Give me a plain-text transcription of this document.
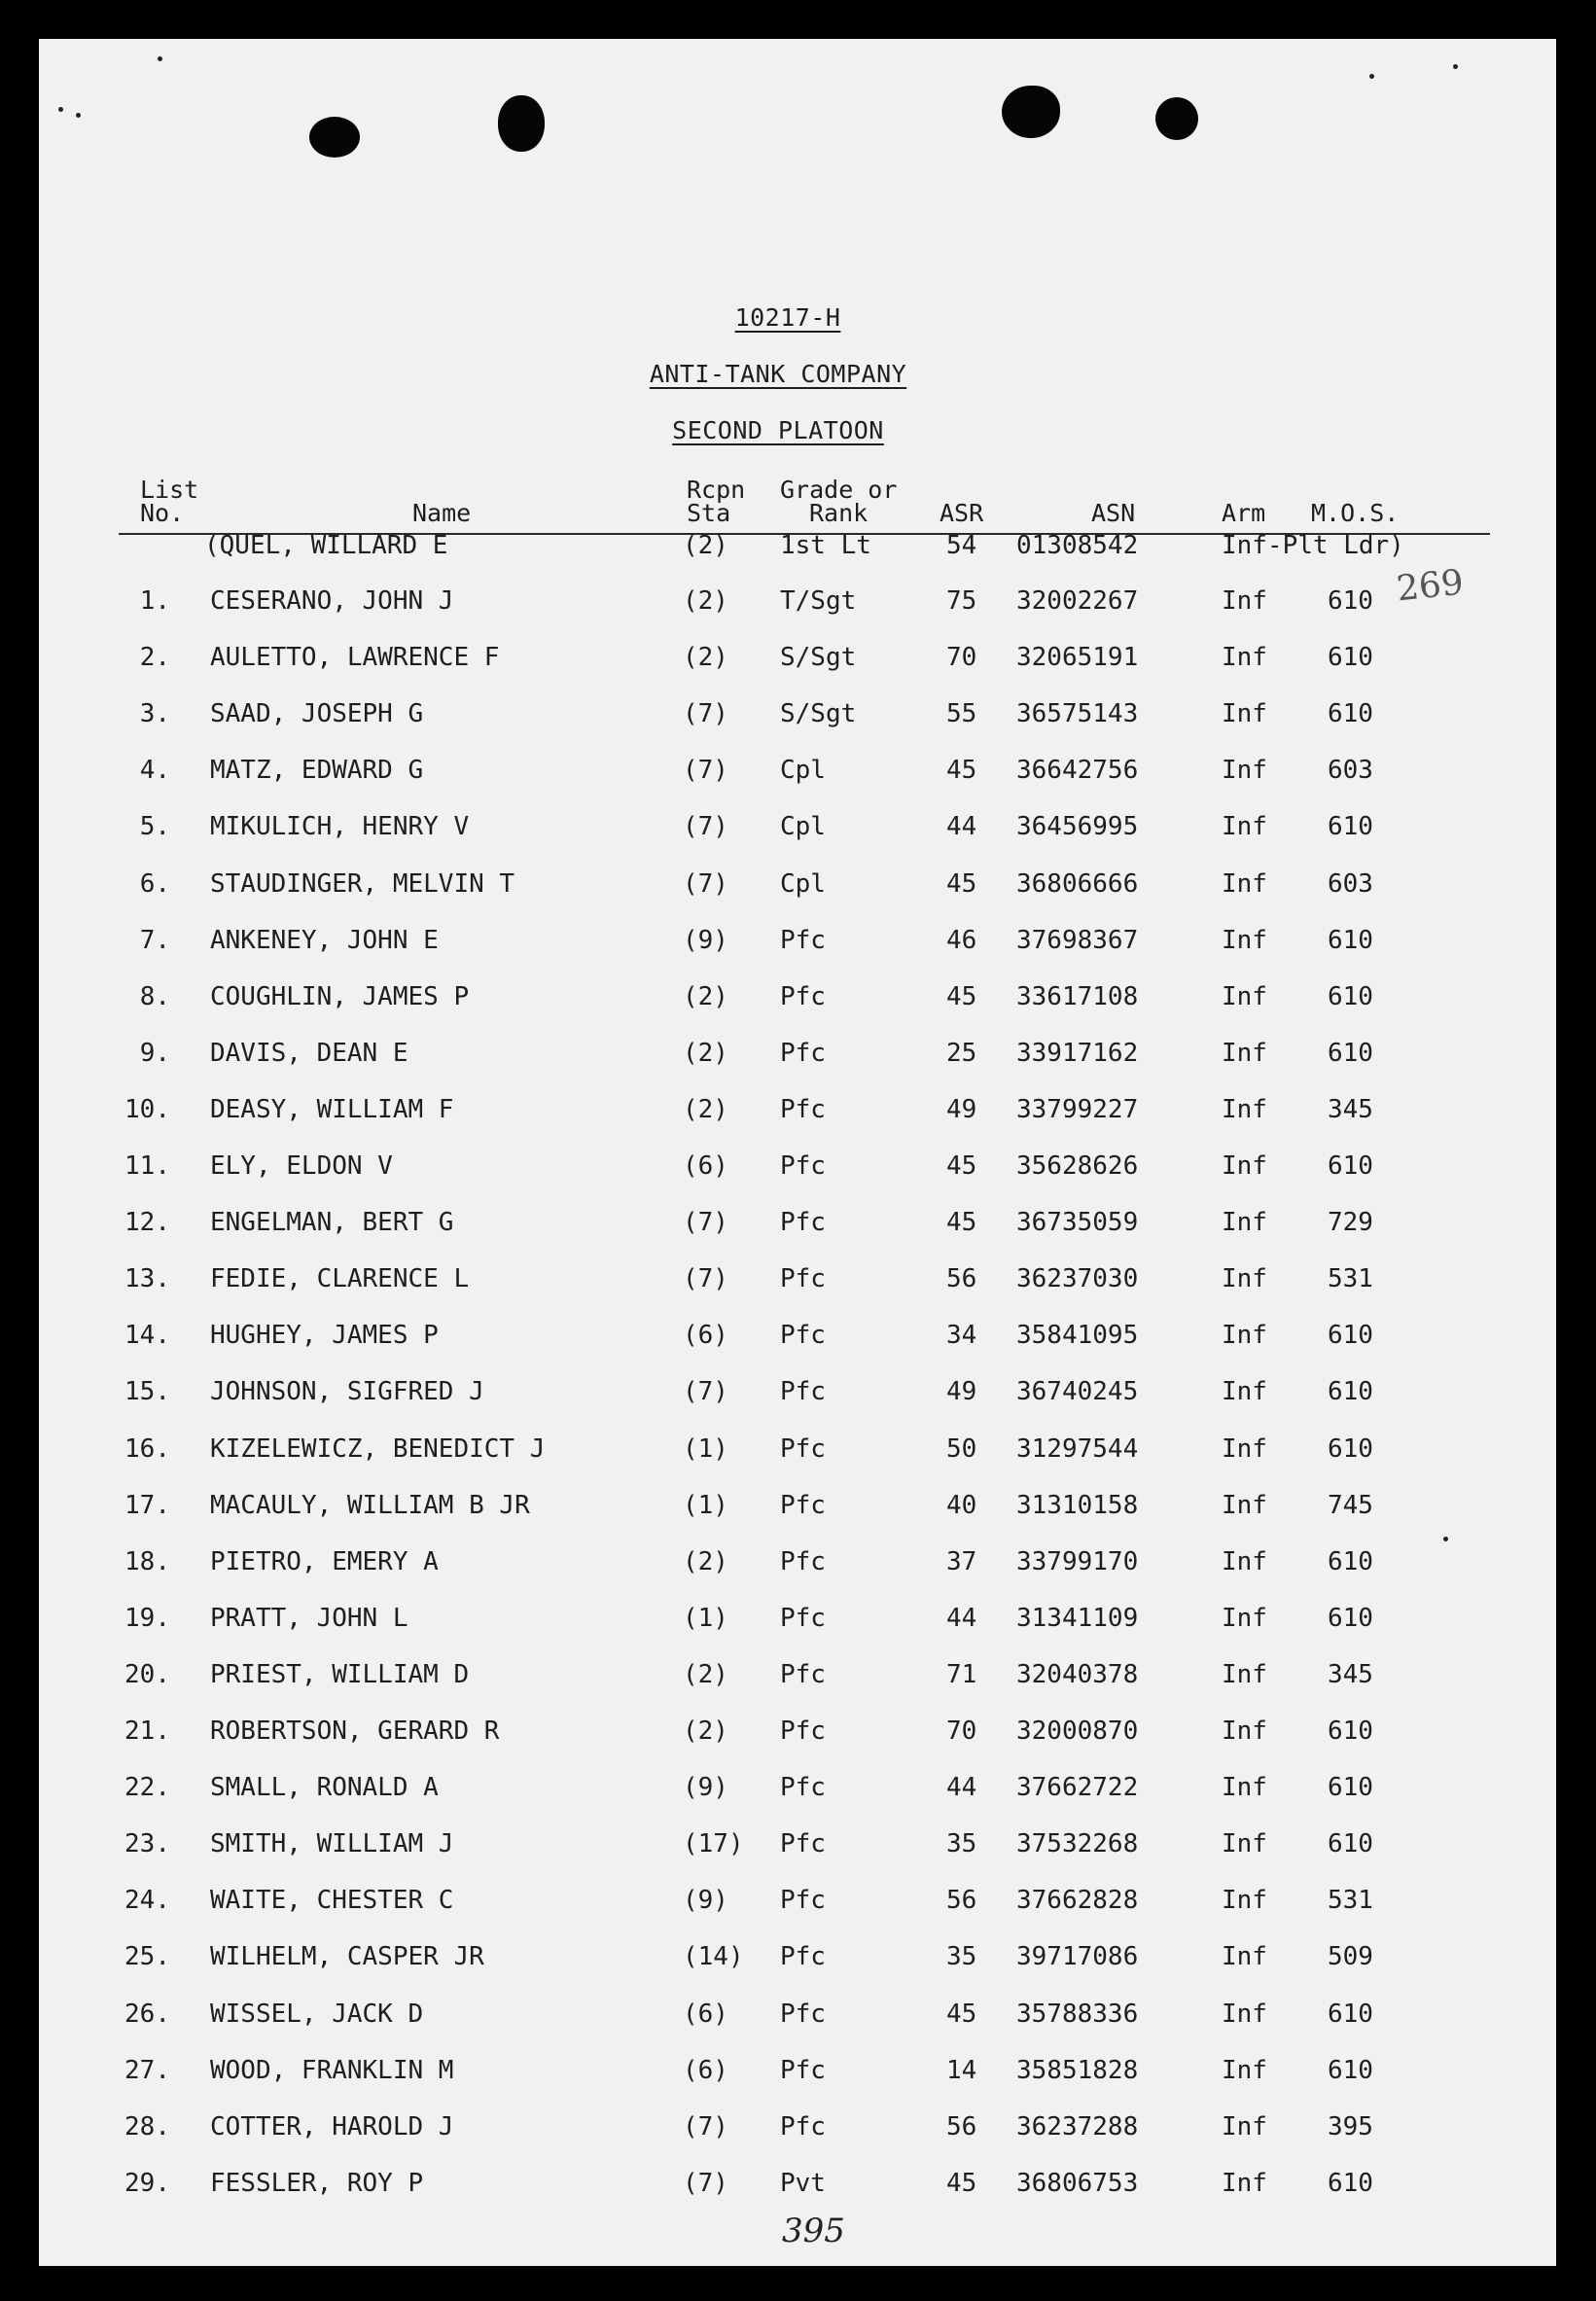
10217-H
ANTI-TANK COMPANY
SECOND PLATOON
List
No.	Name
Rcpn
Sta
Grade or
Rank	ASR	ASN	Arm M.O.S.
(QUEL, WILLARD E	(2) 1st Lt	54 01308542	Inf-Plt Ldr)
1. CESERANO, JOHN J	(2) T/Sgt	75 32002267	Inf 610
2. AULETTO, LAWRENCE F	(2) S/Sgt	70 32065191	Inf 610
3. SAAD, JOSEPH G	(7) S/Sgt	55 36575143	Inf 610
4. MATZ, EDWARD G	(7) Cpl	45 36642756	Inf 603
5. MIKULICH, HENRY V	(7) Cpl	44 36456995	Inf 610
6. STAUDINGER, MELVIN T	(7) Cpl	45 36806666	Inf 603
7. ANKENEY, JOHN E	(9) Pfc	46 37698367	Inf 610
8. COUGHLIN, JAMES P	(2) Pfc	45 33617108	Inf 610
9. DAVIS, DEAN E	(2) Pfc	25 33917162	Inf 610
10. DEASY, WILLIAM F	(2) Pfc	49 33799227	Inf 345
11. ELY, ELDON V	(6) Pfc	45 35628626	Inf 610
12. ENGELMAN, BERT G	(7) Pfc	45 36735059	Inf 729
13. FEDIE, CLARENCE L	(7) Pfc	56 36237030	Inf 531
14. HUGHEY, JAMES P	(6) Pfc	34 35841095	Inf 610
15. JOHNSON, SIGFRED J	(7) Pfc	49 36740245	Inf 610
16. KIZELEWICZ, BENEDICT J	(1) Pfc	50 31297544	Inf 610
17. MACAULY, WILLIAM B JR	(1) Pfc	40 31310158	Inf 745
18. PIETRO, EMERY A	(2) Pfc	37 33799170	Inf 610
19. PRATT, JOHN L	(1) Pfc	44 31341109	Inf 610
20. PRIEST, WILLIAM D	(2) Pfc	71 32040378	Inf 345
21. ROBERTSON, GERARD R	(2) Pfc	70 32000870	Inf 610
22. SMALL, RONALD A	(9) Pfc	44 37662722	Inf 610
23. SMITH, WILLIAM J	(17) Pfc	35 37532268	Inf 610
24. WAITE, CHESTER C	(9) Pfc	56 37662828	Inf 531
25. WILHELM, CASPER JR	(14) Pfc	35 39717086	Inf 509
26. WISSEL, JACK D	(6) Pfc	45 35788336	Inf 610
27. WOOD, FRANKLIN M	(6) Pfc	14 35851828	Inf 610
28. COTTER, HAROLD J	(7) Pfc	56 36237288	Inf 395
29. FESSLER, ROY P	(7) Pvt	45 36806753	Inf 610
269
395
